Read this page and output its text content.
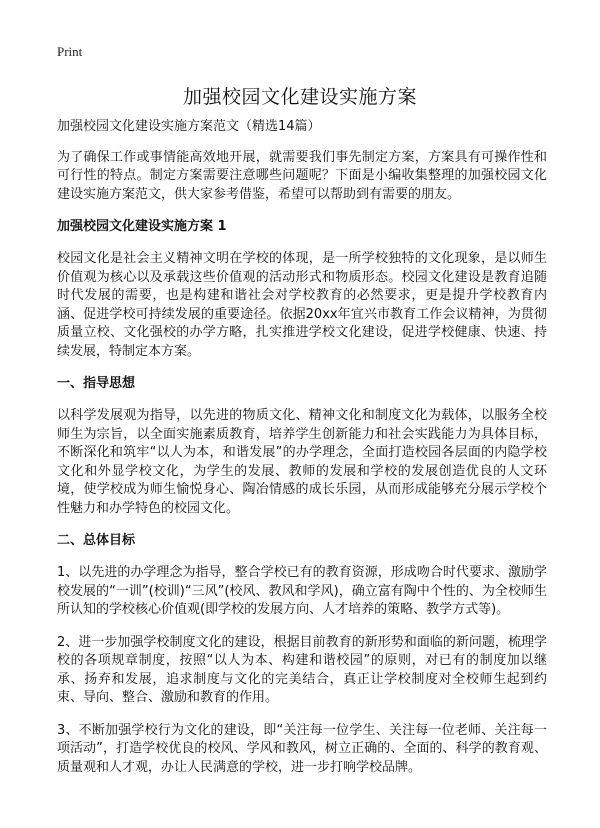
Print
加强校园文化建设实施方案

加强校园文化建设实施方案范文（精选14篇）

为了确保工作或事情能高效地开展，就需要我们事先制定方案，方案具有可操作性和可行性的特点。制定方案需要注意哪些问题呢？下面是小编收集整理的加强校园文化建设实施方案范文，供大家参考借鉴，希望可以帮助到有需要的朋友。

加强校园文化建设实施方案 1

校园文化是社会主义精神文明在学校的体现，是一所学校独特的文化现象，是以师生价值观为核心以及承载这些价值观的活动形式和物质形态。校园文化建设是教育追随时代发展的需要，也是构建和谐社会对学校教育的必然要求，更是提升学校教育内涵、促进学校可持续发展的重要途径。依据20xx年宜兴市教育工作会议精神，为贯彻质量立校、文化强校的办学方略，扎实推进学校文化建设，促进学校健康、快速、持续发展，特制定本方案。

一、指导思想

以科学发展观为指导，以先进的物质文化、精神文化和制度文化为载体，以服务全校师生为宗旨，以全面实施素质教育，培养学生创新能力和社会实践能力为具体目标，不断深化和筑牢“以人为本，和谐发展”的办学理念，全面打造校园各层面的内隐学校文化和外显学校文化，为学生的发展、教师的发展和学校的发展创造优良的人文环境，使学校成为师生愉悦身心、陶冶情感的成长乐园，从而形成能够充分展示学校个性魅力和办学特色的校园文化。

二、总体目标

1、以先进的办学理念为指导，整合学校已有的教育资源，形成吻合时代要求、激励学校发展的“一训”(校训)“三风”(校风、教风和学风)，确立富有陶中个性的、为全校师生所认知的学校核心价值观(即学校的发展方向、人才培养的策略、教学方式等)。

2、进一步加强学校制度文化的建设，根据目前教育的新形势和面临的新问题，梳理学校的各项规章制度，按照“以人为本、构建和谐校园”的原则，对已有的制度加以继承、扬弃和发展，追求制度与文化的完美结合，真正让学校制度对全校师生起到约束、导向、整合、激励和教育的作用。

3、不断加强学校行为文化的建设，即“关注每一位学生、关注每一位老师、关注每一项活动”，打造学校优良的校风、学风和教风，树立正确的、全面的、科学的教育观、质量观和人才观，办让人民满意的学校，进一步打响学校品牌。
